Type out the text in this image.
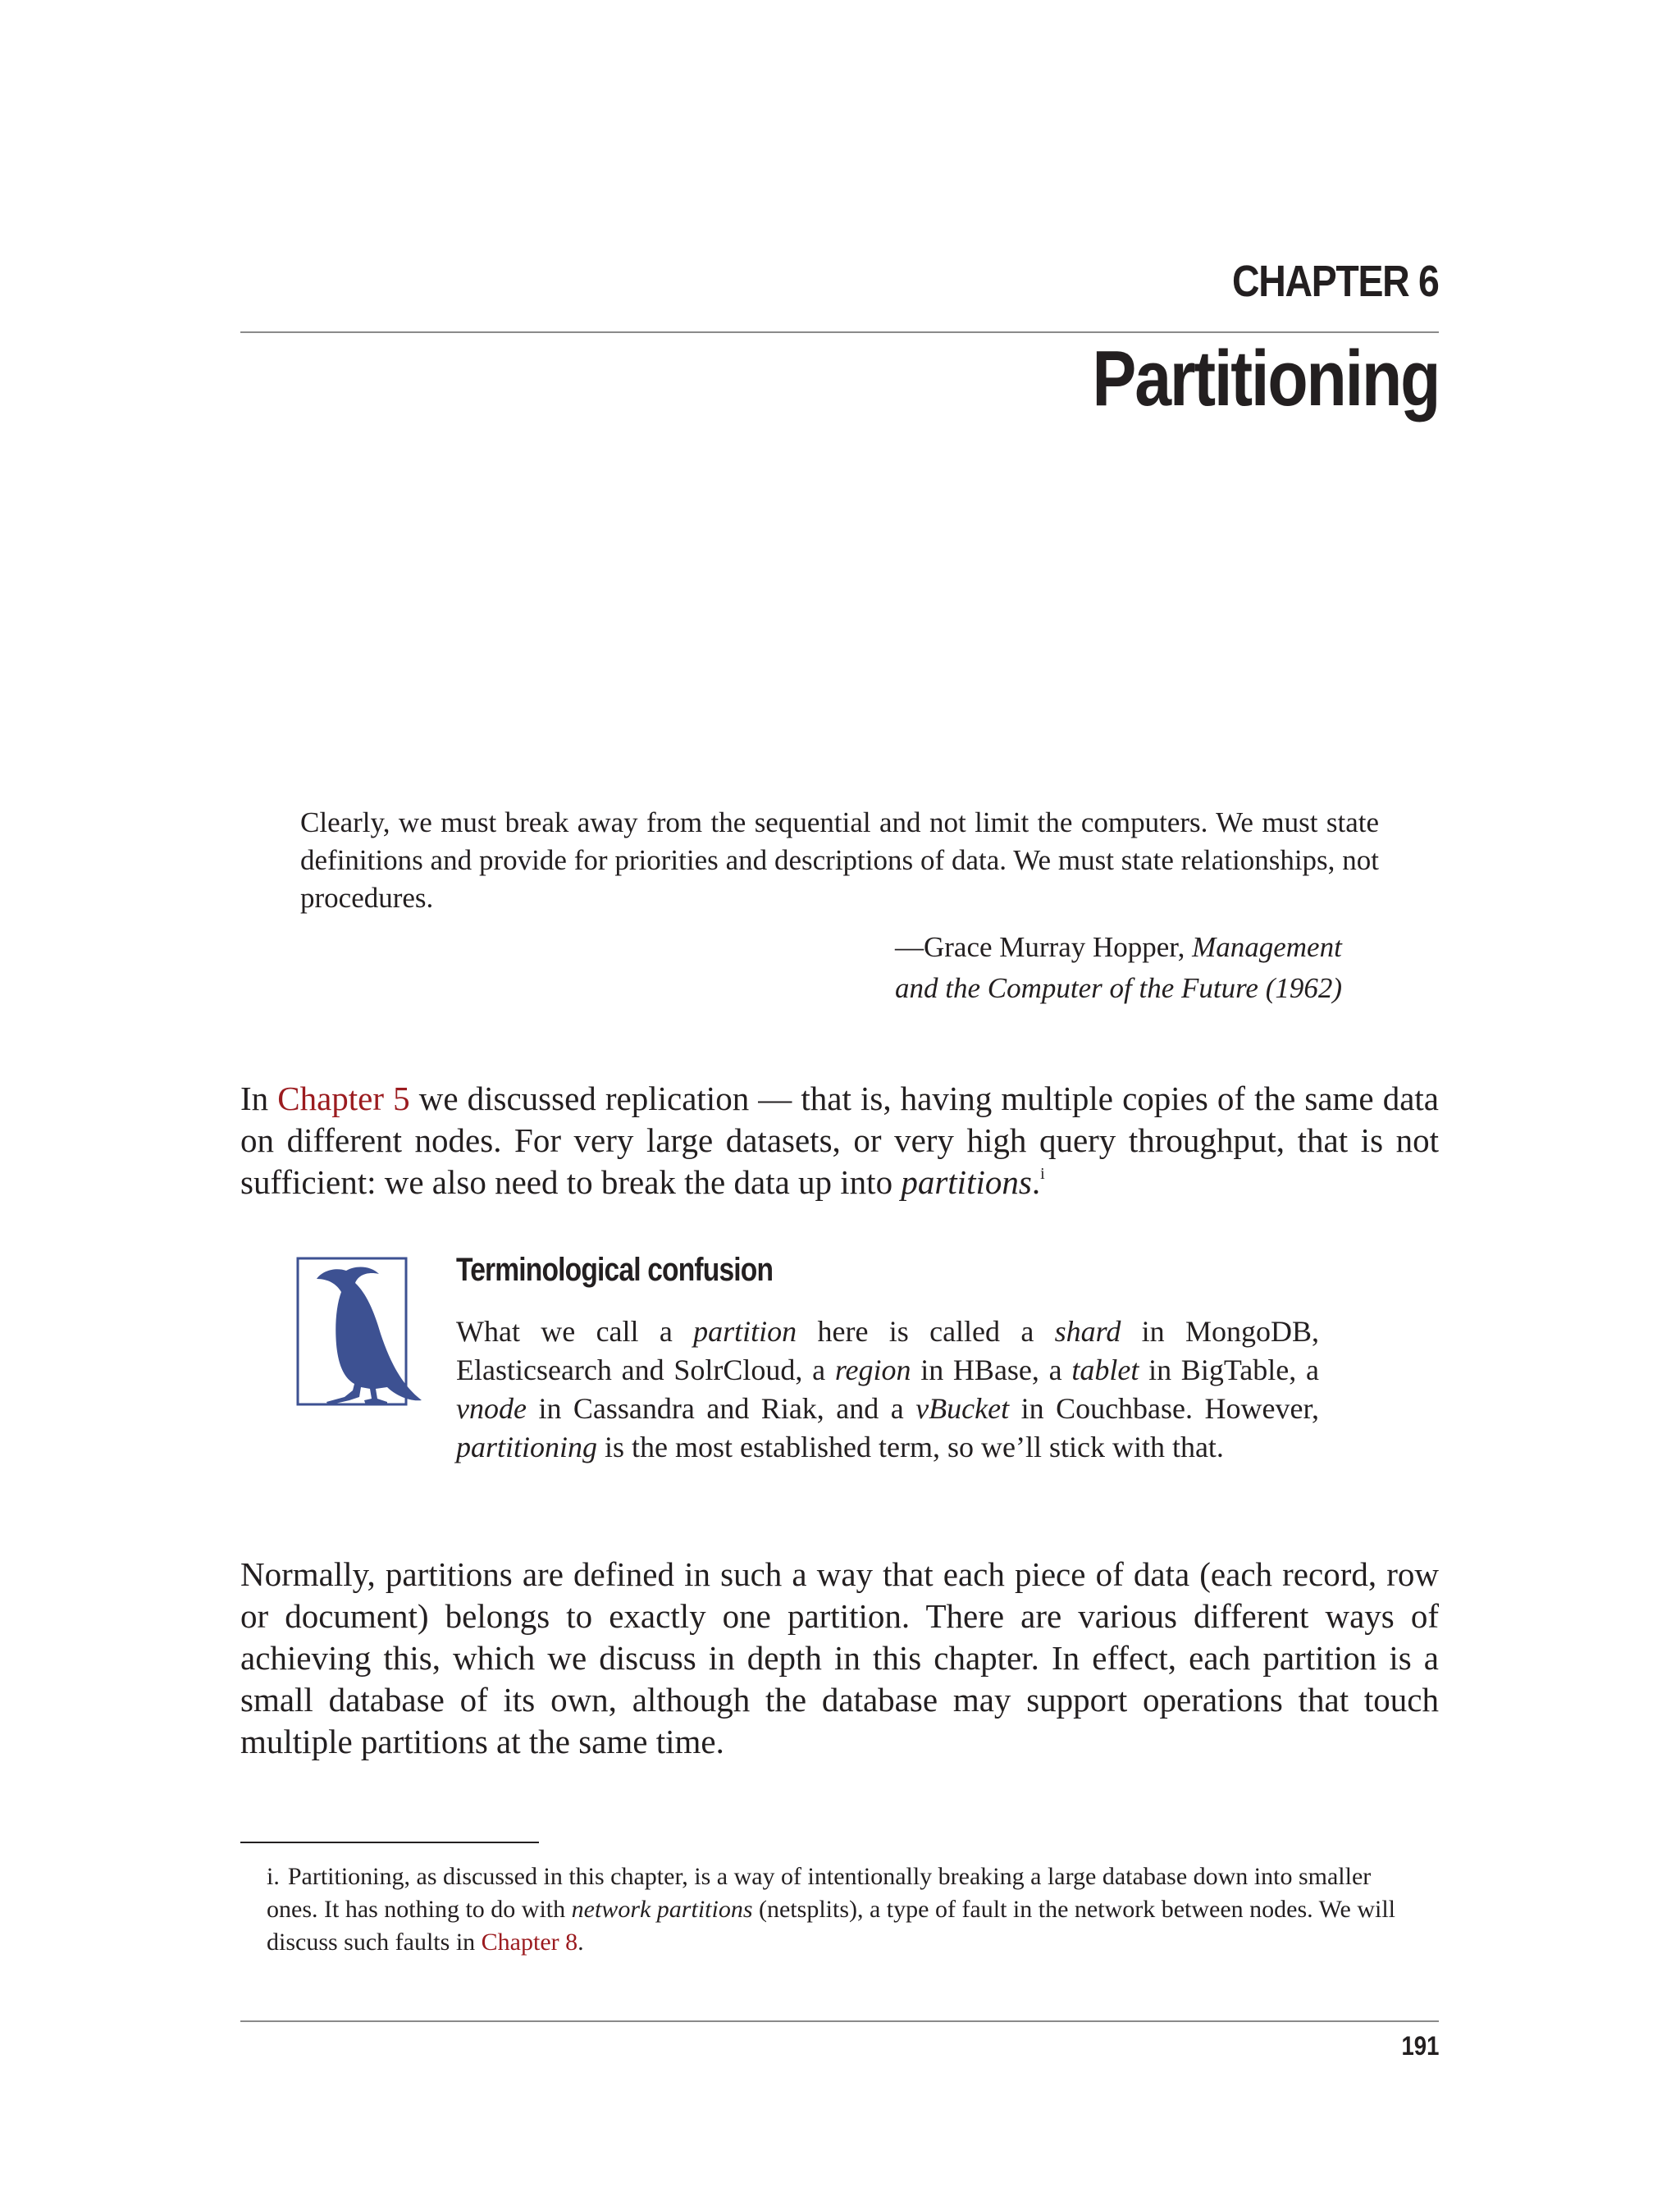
CHAPTER 6
Partitioning
Clearly, we must break away from the sequential and not limit the computers. We must state definitions and provide for priorities and descriptions of data. We must state relationships, not procedures.
—Grace Murray Hopper, Management
and the Computer of the Future (1962)

In Chapter 5 we discussed replication — that is, having multiple copies of the same data on different nodes. For very large datasets, or very high query throughput, that is not sufficient: we also need to break the data up into partitions.$^i$

Terminological confusion

What we call a partition here is called a shard in MongoDB, Elasticsearch and SolrCloud, a region in HBase, a tablet in BigTable, a vnode in Cassandra and Riak, and a vBucket in Couchbase. However, partitioning is the most established term, so we’ll stick with that.

Normally, partitions are defined in such a way that each piece of data (each record, row or document) belongs to exactly one partition. There are various different ways of achieving this, which we discuss in depth in this chapter. In effect, each partition is a small database of its own, although the database may support operations that touch multiple partitions at the same time.

i. Partitioning, as discussed in this chapter, is a way of intentionally breaking a large database down into smaller ones. It has nothing to do with network partitions (netsplits), a type of fault in the network between nodes. We will discuss such faults in Chapter 8.

191
